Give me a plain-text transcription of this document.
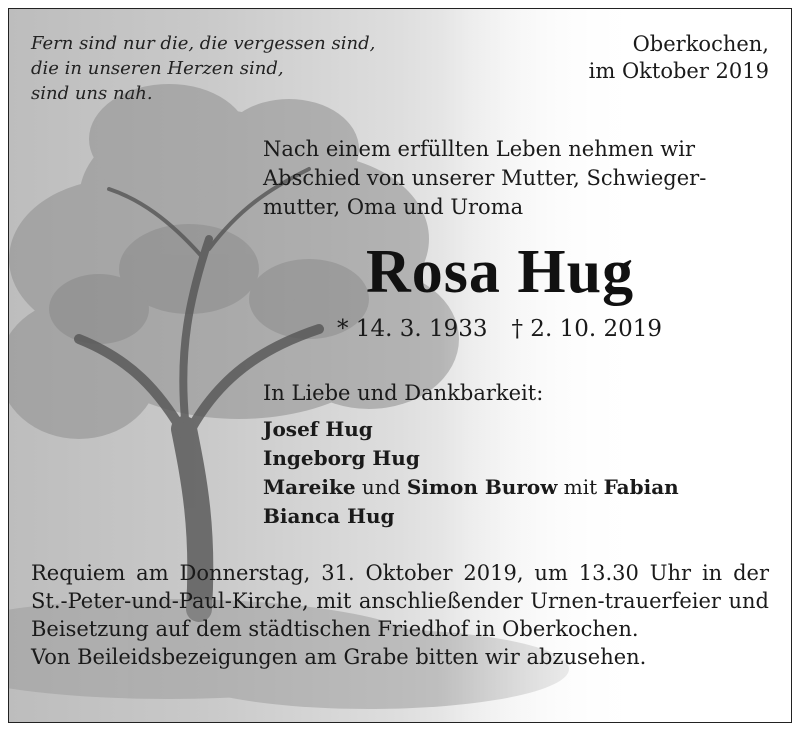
Fern sind nur die, die vergessen sind,
die in unseren Herzen sind,
sind uns nah.
Oberkochen,
im Oktober 2019
Nach einem erfüllten Leben nehmen wir
Abschied von unserer Mutter, Schwieger-
mutter, Oma und Uroma
Rosa Hug
* 14. 3. 1933 † 2. 10. 2019
In Liebe und Dankbarkeit:
Josef Hug
Ingeborg Hug
Mareike und Simon Burow mit Fabian
Bianca Hug
Requiem am Donnerstag, 31. Oktober 2019, um 13.30 Uhr in der St.-Peter-und-Paul-Kirche, mit anschließender Urnen-trauerfeier und Beisetzung auf dem städtischen Friedhof in Oberkochen.
Von Beileidsbezeigungen am Grabe bitten wir abzusehen.
